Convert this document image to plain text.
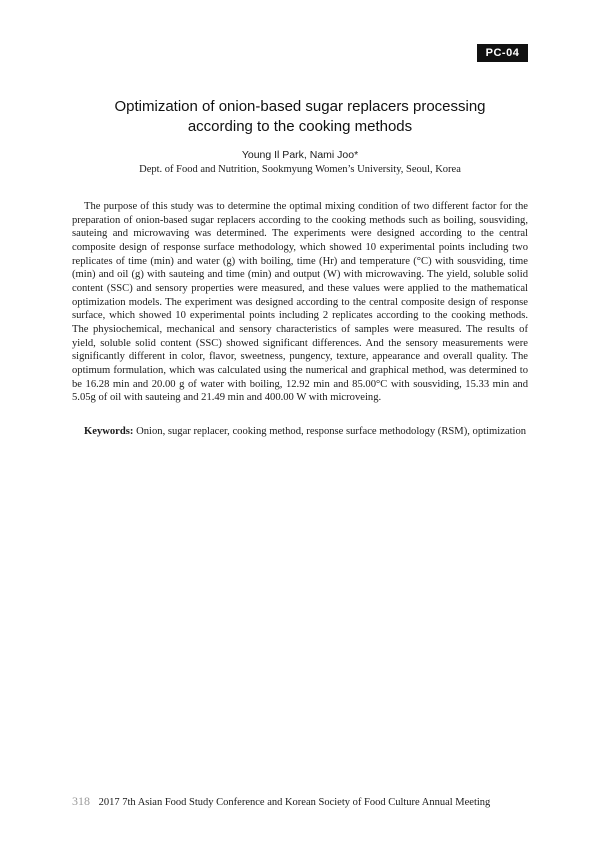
PC-04
Optimization of onion-based sugar replacers processing
according to the cooking methods
Young Il Park, Nami Joo*
Dept. of Food and Nutrition, Sookmyung Women’s University, Seoul, Korea

The purpose of this study was to determine the optimal mixing condition of two different factor for the preparation of onion-based sugar replacers according to the cooking methods such as boiling, sousviding, sauteing and microwaving was determined. The experiments were designed according to the central composite design of response surface methodology, which showed 10 experimental points including two replicates of time (min) and water (g) with boiling, time (Hr) and temperature (°C) with sousviding, time (min) and oil (g) with sauteing and time (min) and output (W) with microwaving. The yield, soluble solid content (SSC) and sensory properties were measured, and these values were applied to the mathematical optimization models. The experiment was designed according to the central composite design of response surface, which showed 10 experimental points including 2 replicates according to the cooking methods. The physiochemical, mechanical and sensory characteristics of samples were measured. The results of yield, soluble solid content (SSC) showed significant differences. And the sensory measurements were significantly different in color, flavor, sweetness, pungency, texture, appearance and overall quality. The optimum formulation, which was calculated using the numerical and graphical method, was determined to be 16.28 min and 20.00 g of water with boiling, 12.92 min and 85.00°C with sousviding, 15.33 min and 5.05g of oil with sauteing and 21.49 min and 400.00 W with microveing.

Keywords: Onion, sugar replacer, cooking method, response surface methodology (RSM), optimization
318 2017 7th Asian Food Study Conference and Korean Society of Food Culture Annual Meeting
